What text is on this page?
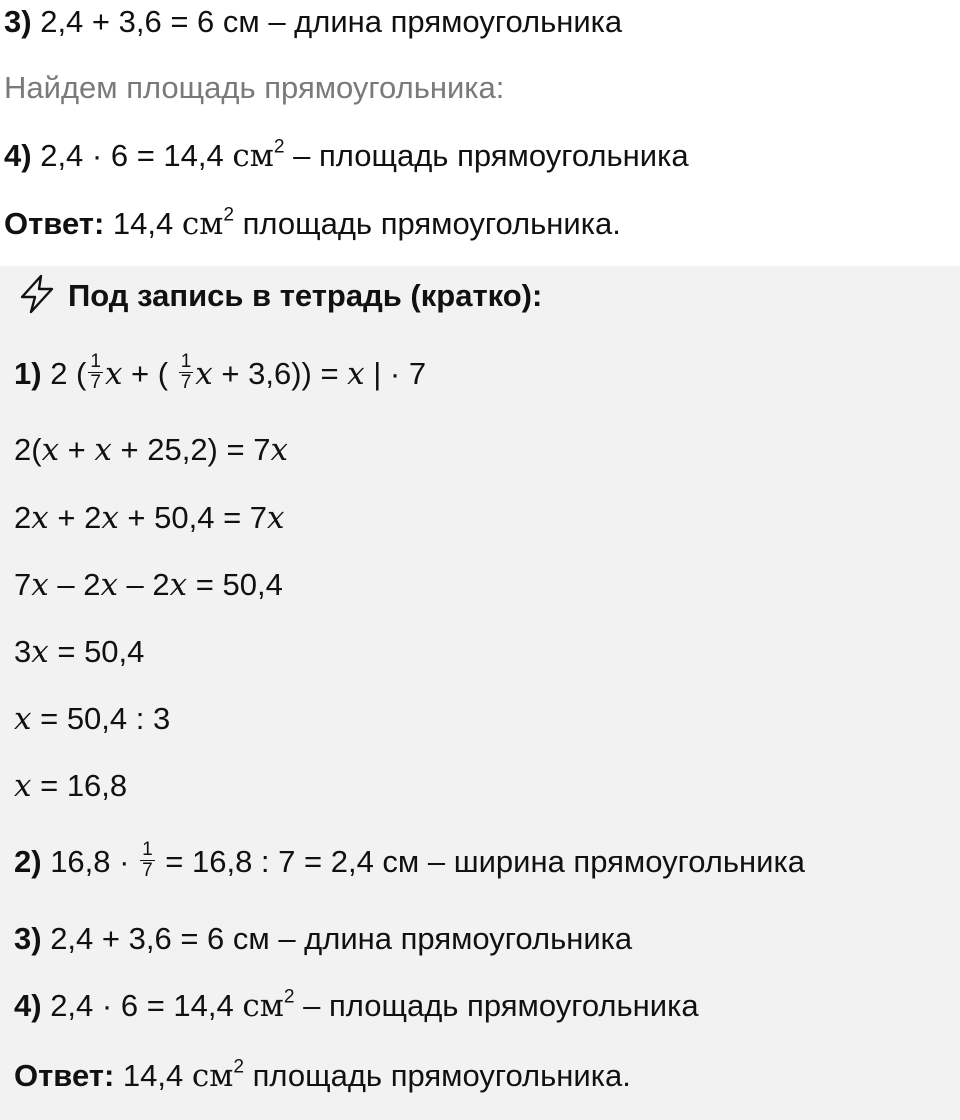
3) 2,4 + 3,6 = 6 см – длина прямоугольника
Найдем площадь прямоугольника:
4) 2,4 · 6 = 14,4 $см^2$ – площадь прямоугольника
Ответ: 14,4 $см^2$ площадь прямоугольника.
Под запись в тетрадь (кратко):
1) 2 ( $\frac{1}{7}$ x + ( $\frac{1}{7}$ x + 3,6)) = x | · 7
2(x + x + 25,2) = 7x
2x + 2x + 50,4 = 7x
7x – 2x – 2x = 50,4
3x = 50,4
x = 50,4 : 3
x = 16,8
2) $16,8 \cdot \frac{1}{7} = 16,8$ : 7 = 2,4 см – ширина прямоугольника
3) 2,4 + 3,6 = 6 см – длина прямоугольника
4) 2,4 · 6 = 14,4 $см^2$ – площадь прямоугольника
Ответ: 14,4 $см^2$ площадь прямоугольника.
